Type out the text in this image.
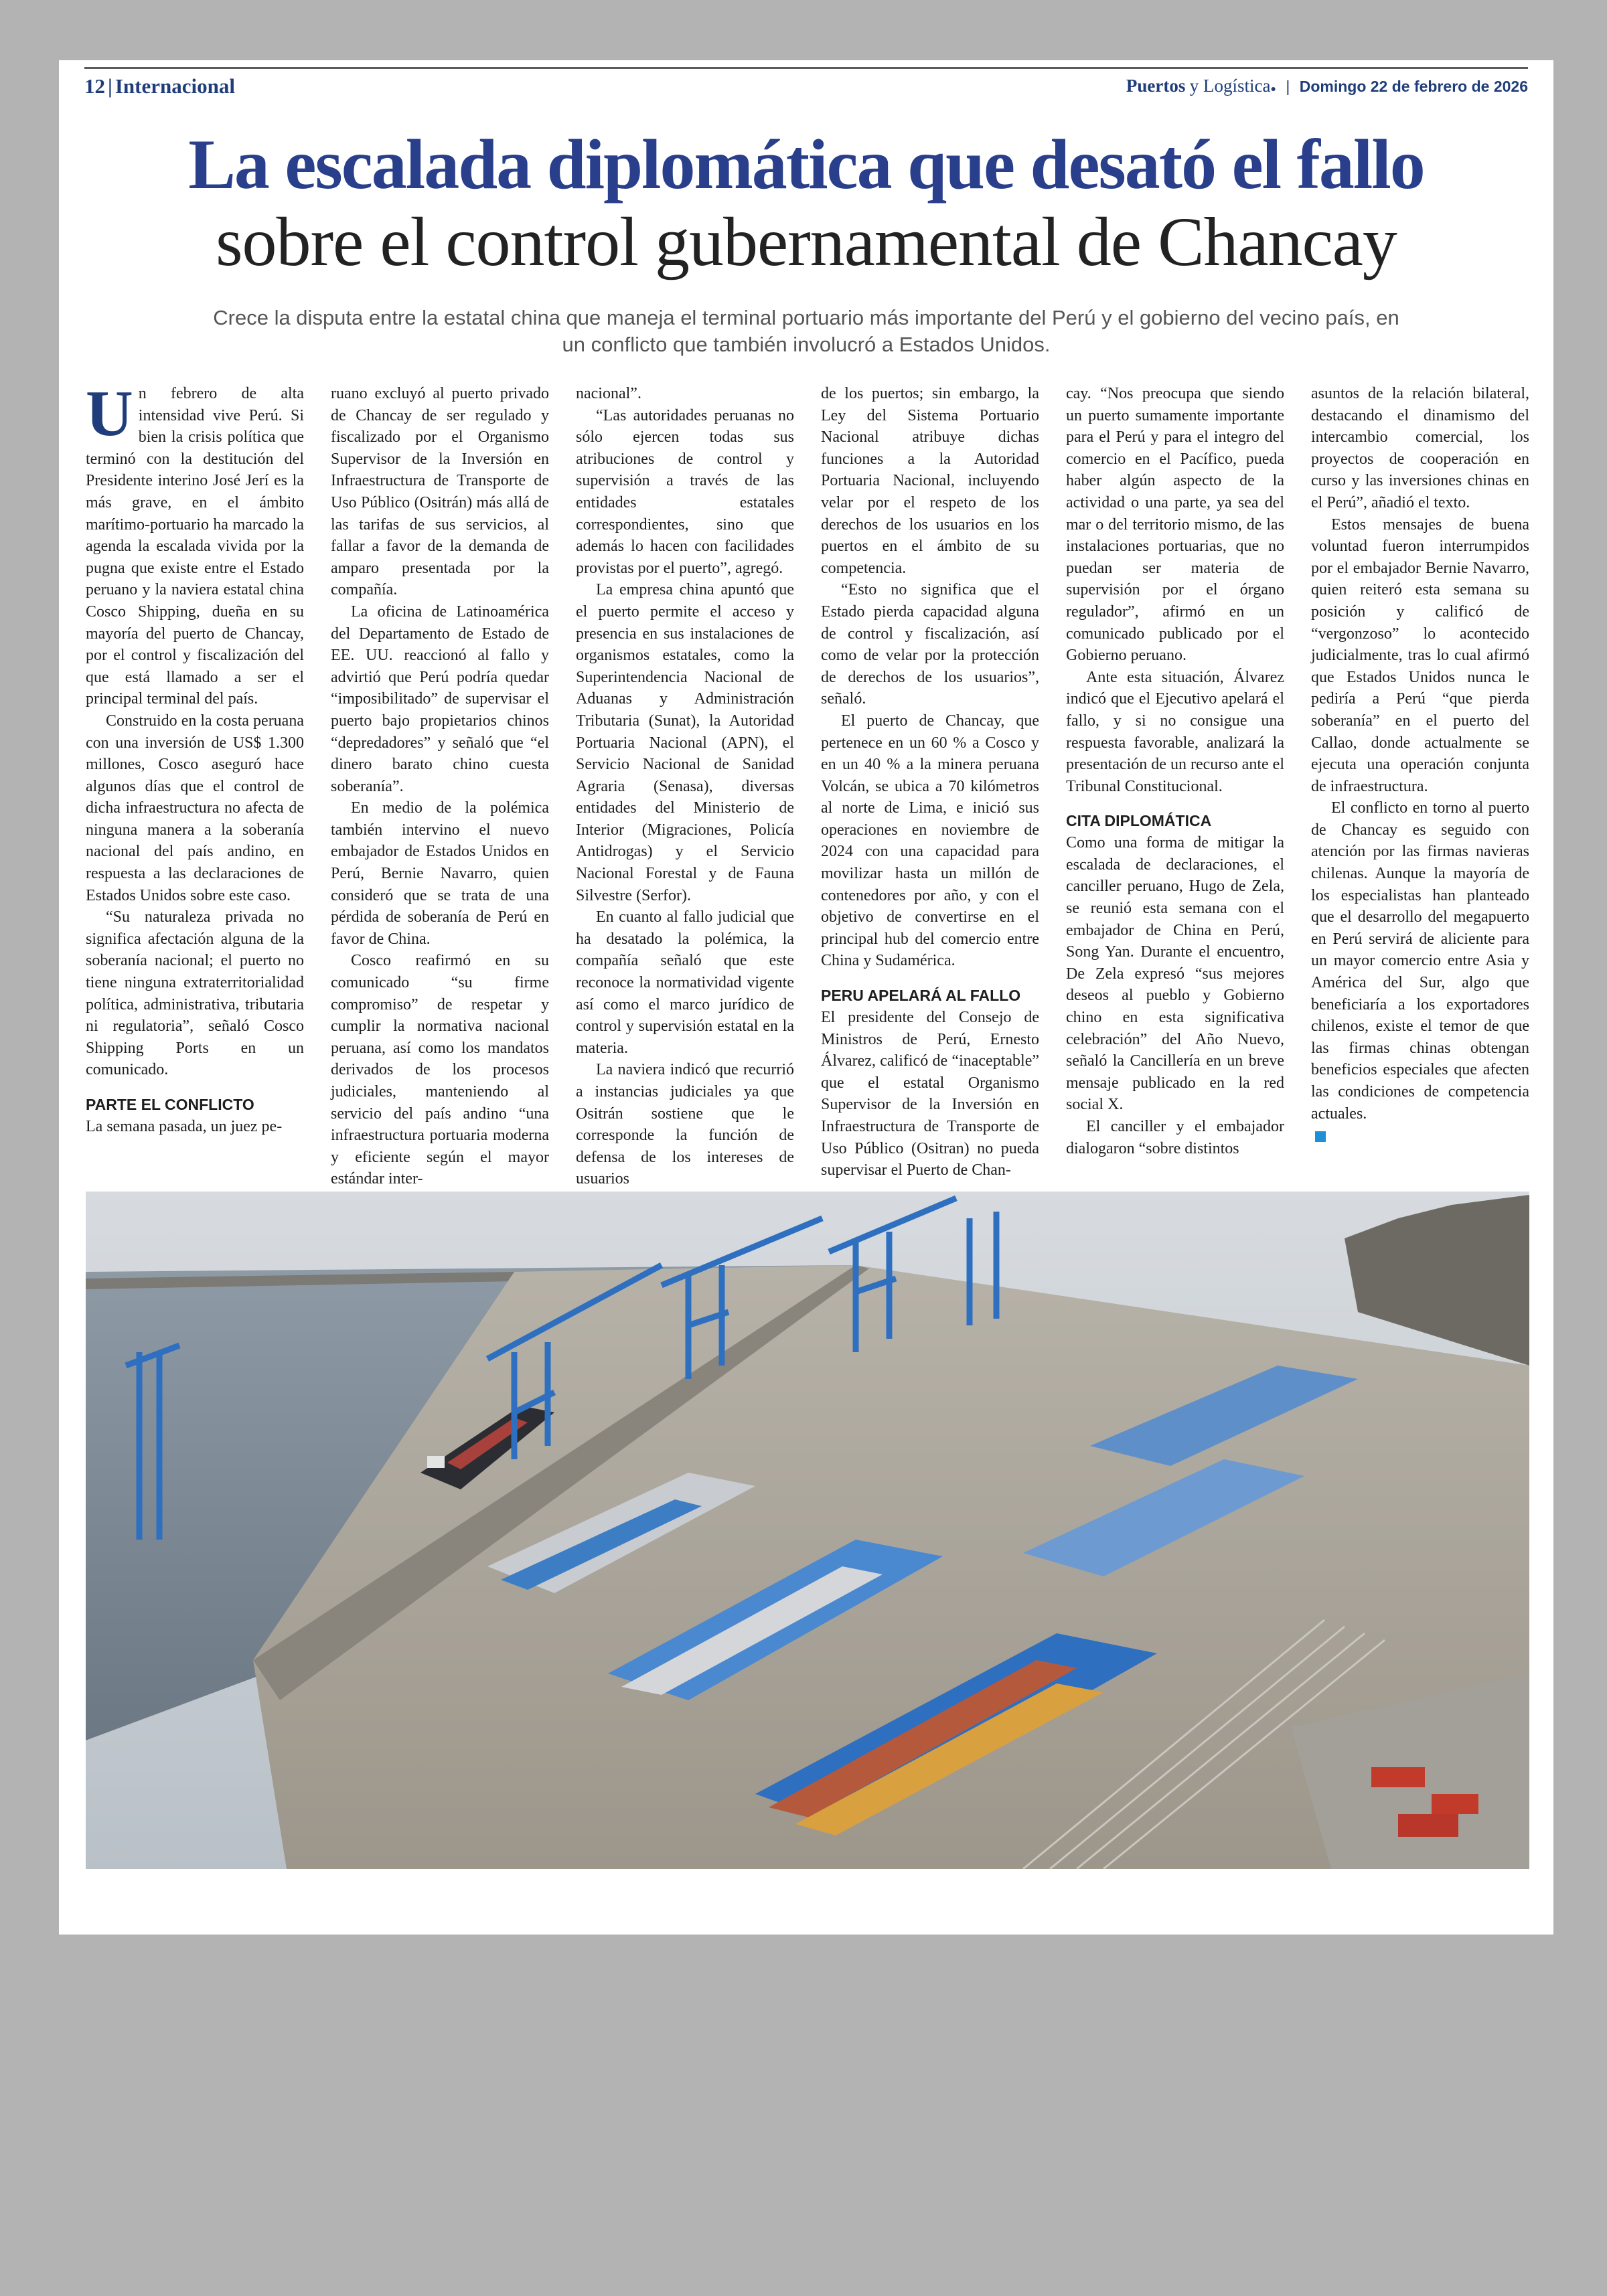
12 | Internacional	Puertos y Logística● | Domingo 22 de febrero de 2026
La escalada diplomática que desató el fallo
sobre el control gubernamental de Chancay
Crece la disputa entre la estatal china que maneja el terminal portuario más importante del Perú y el gobierno del vecino país, en un conflicto que también involucró a Estados Unidos.
U n febrero de alta intensidad vive Perú. Si bien la crisis política que terminó con la destitución del Presidente interino José Jerí es la más grave, en el ámbito marítimo-portuario ha marcado la agenda la escalada vivida por la pugna que existe entre el Estado peruano y la naviera estatal china Cosco Shipping, dueña en su mayoría del puerto de Chancay, por el control y fiscalización del que está llamado a ser el principal terminal del país.

Construido en la costa peruana con una inversión de US$ 1.300 millones, Cosco aseguró hace algunos días que el control de dicha infraestructura no afecta de ninguna manera a la soberanía nacional del país andino, en respuesta a las declaraciones de Estados Unidos sobre este caso.

“Su naturaleza privada no significa afectación alguna de la soberanía nacional; el puerto no tiene ninguna extraterritorialidad política, administrativa, tributaria ni regulatoria”, señaló Cosco Shipping Ports en un comunicado.

PARTE EL CONFLICTO

La semana pasada, un juez pe-

ruano excluyó al puerto privado de Chancay de ser regulado y fiscalizado por el Organismo Supervisor de la Inversión en Infraestructura de Transporte de Uso Público (Ositrán) más allá de las tarifas de sus servicios, al fallar a favor de la demanda de amparo presentada por la compañía.

La oficina de Latinoamérica del Departamento de Estado de EE. UU. reaccionó al fallo y advirtió que Perú podría quedar “imposibilitado” de supervisar el puerto bajo propietarios chinos “depredadores” y señaló que “el dinero barato chino cuesta soberanía”.

En medio de la polémica también intervino el nuevo embajador de Estados Unidos en Perú, Bernie Navarro, quien consideró que se trata de una pérdida de soberanía de Perú en favor de China.

Cosco reafirmó en su comunicado “su firme compromiso” de respetar y cumplir la normativa nacional peruana, así como los mandatos derivados de los procesos judiciales, manteniendo al servicio del país andino “una infraestructura portuaria moderna y eficiente según el mayor estándar inter-

nacional”.

“Las autoridades peruanas no sólo ejercen todas sus atribuciones de control y supervisión a través de las entidades estatales correspondientes, sino que además lo hacen con facilidades provistas por el puerto”, agregó.

La empresa china apuntó que el puerto permite el acceso y presencia en sus instalaciones de organismos estatales, como la Superintendencia Nacional de Aduanas y Administración Tributaria (Sunat), la Autoridad Portuaria Nacional (APN), el Servicio Nacional de Sanidad Agraria (Senasa), diversas entidades del Ministerio de Interior (Migraciones, Policía Antidrogas) y el Servicio Nacional Forestal y de Fauna Silvestre (Serfor).

En cuanto al fallo judicial que ha desatado la polémica, la compañía señaló que este reconoce la normatividad vigente así como el marco jurídico de control y supervisión estatal en la materia.

La naviera indicó que recurrió a instancias judiciales ya que Ositrán sostiene que le corresponde la función de defensa de los intereses de usuarios

de los puertos; sin embargo, la Ley del Sistema Portuario Nacional atribuye dichas funciones a la Autoridad Portuaria Nacional, incluyendo velar por el respeto de los derechos de los usuarios en los puertos en el ámbito de su competencia.

“Esto no significa que el Estado pierda capacidad alguna de control y fiscalización, así como de velar por la protección de derechos de los usuarios”, señaló.

El puerto de Chancay, que pertenece en un 60 % a Cosco y en un 40 % a la minera peruana Volcán, se ubica a 70 kilómetros al norte de Lima, e inició sus operaciones en noviembre de 2024 con una capacidad para movilizar hasta un millón de contenedores por año, y con el objetivo de convertirse en el principal hub del comercio entre China y Sudamérica.

PERU APELARÁ AL FALLO

El presidente del Consejo de Ministros de Perú, Ernesto Álvarez, calificó de “inaceptable” que el estatal Organismo Supervisor de la Inversión en Infraestructura de Transporte de Uso Público (Ositran) no pueda supervisar el Puerto de Chan-

cay. “Nos preocupa que siendo un puerto sumamente importante para el Perú y para el integro del comercio en el Pacífico, pueda haber algún aspecto de la actividad o una parte, ya sea del mar o del territorio mismo, de las instalaciones portuarias, que no puedan ser materia de supervisión por el órgano regulador”, afirmó en un comunicado publicado por el Gobierno peruano.

Ante esta situación, Álvarez indicó que el Ejecutivo apelará el fallo, y si no consigue una respuesta favorable, analizará la presentación de un recurso ante el Tribunal Constitucional.

CITA DIPLOMÁTICA

Como una forma de mitigar la escalada de declaraciones, el canciller peruano, Hugo de Zela, se reunió esta semana con el embajador de China en Perú, Song Yan. Durante el encuentro, De Zela expresó “sus mejores deseos al pueblo y Gobierno chino en esta significativa celebración” del Año Nuevo, señaló la Cancillería en un breve mensaje publicado en la red social X.

El canciller y el embajador dialogaron “sobre distintos

asuntos de la relación bilateral, destacando el dinamismo del intercambio comercial, los proyectos de cooperación en curso y las inversiones chinas en el Perú”, añadió el texto.

Estos mensajes de buena voluntad fueron interrumpidos por el embajador Bernie Navarro, quien reiteró esta semana su posición y calificó de “vergonzoso” lo acontecido judicialmente, tras lo cual afirmó que Estados Unidos nunca le pediría a Perú “que pierda soberanía” en el puerto del Callao, donde actualmente se ejecuta una operación conjunta de infraestructura.

El conflicto en torno al puerto de Chancay es seguido con atención por las firmas navieras chilenas. Aunque la mayoría de los especialistas han planteado que el desarrollo del megapuerto en Perú servirá de aliciente para un mayor comercio entre Asia y América del Sur, algo que beneficiaría a los exportadores chilenos, existe el temor de que las firmas chinas obtengan beneficios especiales que afecten las condiciones de competencia actuales.
